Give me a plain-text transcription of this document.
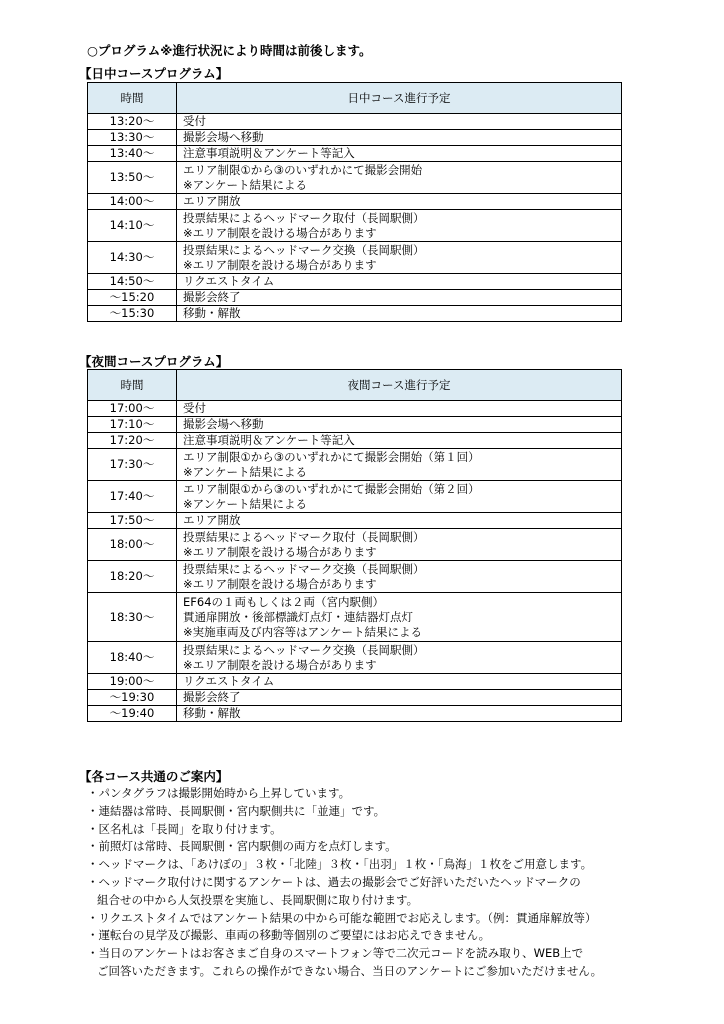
○プログラム※進行状況により時間は前後します。
【日中コースプログラム】
時間	日中コース進行予定
13:20～	受付

13:30～	撮影会場へ移動

13:40～	注意事項説明＆アンケート等記入

13:50～	エリア制限①から③のいずれかにて撮影会開始
※アンケート結果による

14:00～	エリア開放

14:10～	投票結果によるヘッドマーク取付（長岡駅側）
※エリア制限を設ける場合があります

14:30～	投票結果によるヘッドマーク交換（長岡駅側）
※エリア制限を設ける場合があります

14:50～	リクエストタイム

～15:20	撮影会終了

～15:30	移動・解散
【夜間コースプログラム】
時間	夜間コース進行予定
17:00～	受付

17:10～	撮影会場へ移動

17:20～	注意事項説明＆アンケート等記入

17:30～	エリア制限①から③のいずれかにて撮影会開始（第１回）
※アンケート結果による

17:40～	エリア制限①から③のいずれかにて撮影会開始（第２回）
※アンケート結果による

17:50～	エリア開放

18:00～	投票結果によるヘッドマーク取付（長岡駅側）
※エリア制限を設ける場合があります

18:20～	投票結果によるヘッドマーク交換（長岡駅側）
※エリア制限を設ける場合があります

18:30～	EF64の１両もしくは２両（宮内駅側）
貫通扉開放・後部標識灯点灯・連結器灯点灯
※実施車両及び内容等はアンケート結果による

18:40～	投票結果によるヘッドマーク交換（長岡駅側）
※エリア制限を設ける場合があります

19:00～	リクエストタイム

～19:30	撮影会終了

～19:40	移動・解散
【各コース共通のご案内】
・パンタグラフは撮影開始時から上昇しています。
・連結器は常時、長岡駅側・宮内駅側共に「並連」です。
・区名札は「長岡」を取り付けます。
・前照灯は常時、長岡駅側・宮内駅側の両方を点灯します。
・ヘッドマークは、「あけぼの」３枚・「北陸」３枚・「出羽」１枚・「鳥海」１枚をご用意します。
・ヘッドマーク取付けに関するアンケートは、過去の撮影会でご好評いただいたヘッドマークの
組合せの中から人気投票を実施し、長岡駅側に取り付けます。
・リクエストタイムではアンケート結果の中から可能な範囲でお応えします。（例：貫通扉解放等）
・運転台の見学及び撮影、車両の移動等個別のご要望にはお応えできません。
・当日のアンケートはお客さまご自身のスマートフォン等で二次元コードを読み取り、WEB上で
ご回答いただきます。これらの操作ができない場合、当日のアンケートにご参加いただけません。
